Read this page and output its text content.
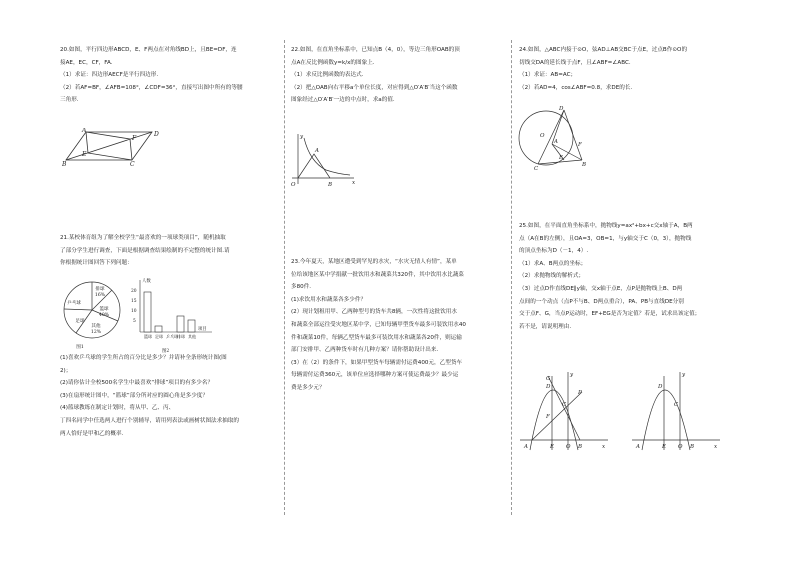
20.如图，平行四边形ABCD，E、F两点在对角线BD上，且BE=DF，连

接AE，EC，CF，FA.

（1）求证：四边形AECF是平行四边形.

（2）若AF=BF，∠AFB=108°，∠CDF=36°，直接写出图中所有的等腰

三角形.

A
D
E
F
B	C

21.某校体育组为了解全校学生“最喜欢的一项球类项目”，随机抽取

了部分学生进行调查，下面是根据调查结果绘制的不完整的统计图.请

你根据统计图回答下列问题：

排球
16%
乒乓球
足球
篮球
40%
其他
12%
图1
人数
20
15
10
5
项目
图2
篮球 足球 乒乓球 排球 其他

(1)喜欢乒乓球的学生所占的百分比是多少？并请补全条形统计图(图

2)；

(2)请你估计全校500名学生中最喜欢“排球”项目的有多少名？

(3)在扇形统计图中，“篮球”部分所对应的圆心角是多少度？

(4)篮球教练在制定计划时，将从甲、乙、丙、

丁四名同学中任选两人进行个别辅导，请用列表法或画树状图法求抽取的

两人恰好是甲和乙的概率.

22.如图，在直角坐标系中，已知点B（4，0），等边三角形OAB的顶

点A在反比例函数y=k/x的图象上.

（1）求反比例函数的表达式.

（2）把△OAB向右平移a个单位长度，对应得到△O′A′B′当这个函数

图象经过△O′A′B′一边的中点时，求a的值.

y
A
O	B	x

23.今年夏天，某地区遭受到罕见的水灾，“水灾无情人有情”，某单

位给该地区某中学捐献一批饮用水和蔬菜共320件，其中饮用水比蔬菜

多80件.

(1)求饮用水和蔬菜各多少件？

(2）现计划租用甲、乙两种型号的货车共8辆，一次性将这批饮用水

和蔬菜全部运往受灾地区某中学，已知每辆甲型货车最多可装饮用水40

件和蔬菜10件，每辆乙型货车最多可装饮用水和蔬菜各20件，则运输

部门安排甲、乙两种货车时有几种方案？请你帮助设计出来.

(3）在（2）的条件下，如果甲型货车每辆需付运费400元，乙型货车

每辆需付运费360元，该单位应选择哪种方案可使运费最少？最少运

费是多少元？

24.如图，△ABC内接于⊙O，弦AD⊥AB交BC于点E，过点B作⊙O的

切线交DA的延长线于点F，且∠ABF=∠ABC.

（1）求证：AB=AC；

（2）若AD=4，cos∠ABF=0.8，求DE的长.

D
O
A	F
B
E
C

25.如图，在平面直角坐标系中，抛物线y=ax²+bx+c交x轴于A，B两

点（A在B的左侧），且OA=3，OB=1，与y轴交于C（0，3），抛物线

的顶点坐标为D（－1，4）.

（1）求A、B两点的坐标；

（2）求抛物线的解析式；

（3）过点D作直线DE∥y轴，交x轴于点E，点P是抛物线上B、D两

点间的一个动点（点P不与B、D两点重合），PA、PB与直线DE分别

交于点F、G，当点P运动时，EF+EG是否为定值？若是，试求出该定值；

若不是，请说明理由.

G
D
y
F
C
P
A	E O B	x
D
y
C
A	E O B	x
